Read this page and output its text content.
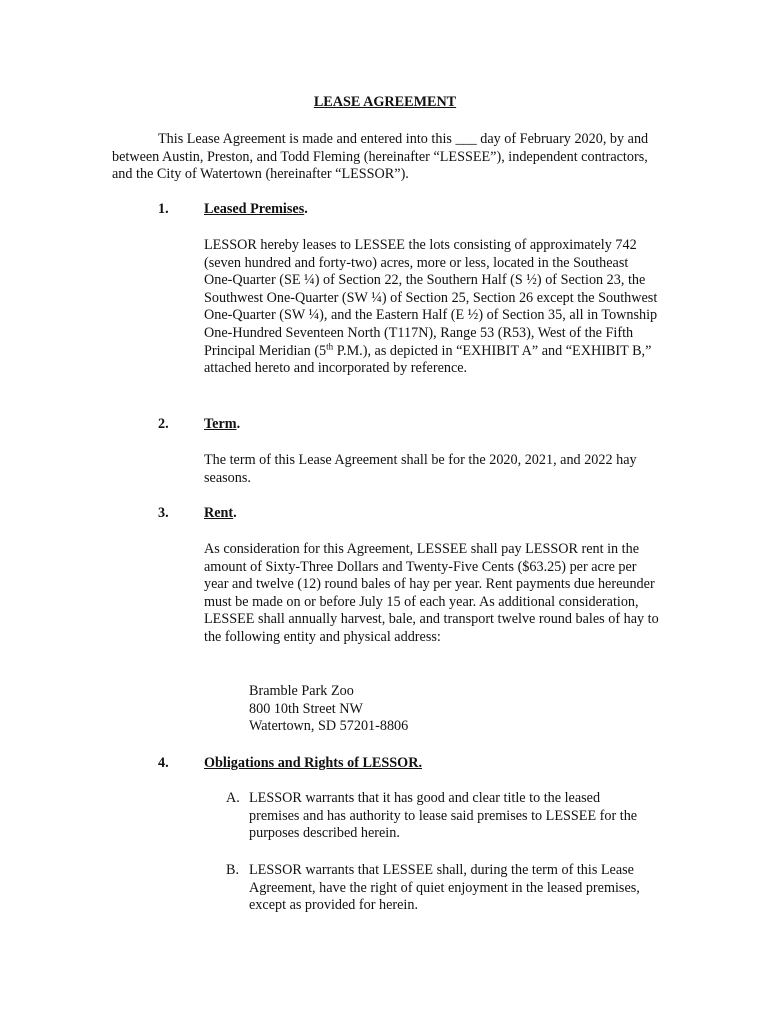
LEASE AGREEMENT
This Lease Agreement is made and entered into this ___ day of February 2020, by and between Austin, Preston, and Todd Fleming (hereinafter “LESSEE”), independent contractors, and the City of Watertown (hereinafter “LESSOR”).
1. Leased Premises.
LESSOR hereby leases to LESSEE the lots consisting of approximately 742 (seven hundred and forty-two) acres, more or less, located in the Southeast One-Quarter (SE ¼) of Section 22, the Southern Half (S ½) of Section 23, the Southwest One-Quarter (SW ¼) of Section 25, Section 26 except the Southwest One-Quarter (SW ¼), and the Eastern Half (E ½) of Section 35, all in Township One-Hundred Seventeen North (T117N), Range 53 (R53), West of the Fifth Principal Meridian (5th P.M.), as depicted in “EXHIBIT A” and “EXHIBIT B,” attached hereto and incorporated by reference.
2. Term.
The term of this Lease Agreement shall be for the 2020, 2021, and 2022 hay seasons.
3. Rent.
As consideration for this Agreement, LESSEE shall pay LESSOR rent in the amount of Sixty-Three Dollars and Twenty-Five Cents ($63.25) per acre per year and twelve (12) round bales of hay per year. Rent payments due hereunder must be made on or before July 15 of each year. As additional consideration, LESSEE shall annually harvest, bale, and transport twelve round bales of hay to the following entity and physical address:
Bramble Park Zoo
800 10th Street NW
Watertown, SD 57201-8806
4. Obligations and Rights of LESSOR.
A. LESSOR warrants that it has good and clear title to the leased premises and has authority to lease said premises to LESSEE for the purposes described herein.
B. LESSOR warrants that LESSEE shall, during the term of this Lease Agreement, have the right of quiet enjoyment in the leased premises, except as provided for herein.
